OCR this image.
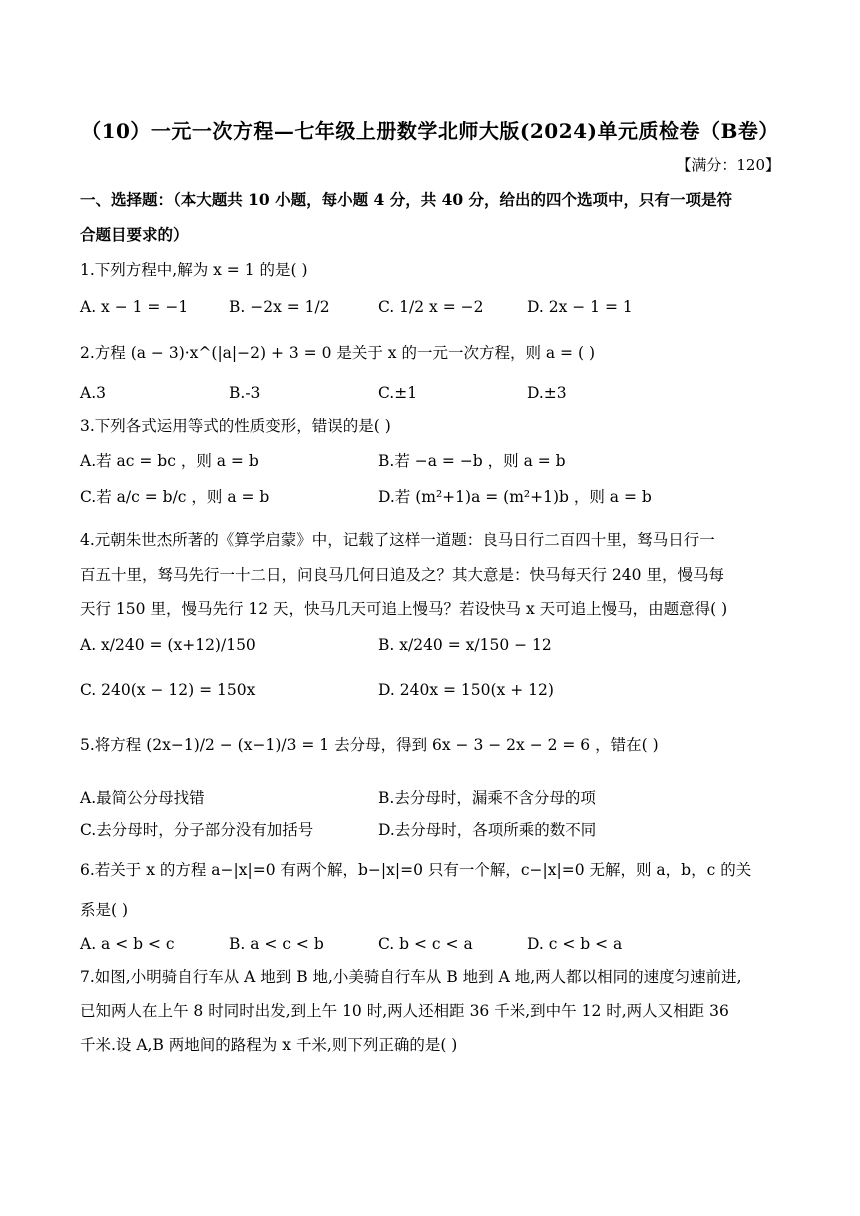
（10）一元一次方程—七年级上册数学北师大版(2024)单元质检卷（B卷）
【满分：120】
一、选择题：（本大题共 10 小题，每小题 4 分，共 40 分，给出的四个选项中，只有一项是符
合题目要求的）
1.下列方程中,解为 x = 1 的是( )
A. x − 1 = −1	B. −2x = 1/2	C. 1/2 x = −2	D. 2x − 1 = 1
2.方程 (a − 3)·x^(|a|−2) + 3 = 0 是关于 x 的一元一次方程，则 a = ( )
A.3	B.-3	C.±1	D.±3
3.下列各式运用等式的性质变形，错误的是( )
A.若 ac = bc ，则 a = b	B.若 −a = −b ，则 a = b
C.若 a/c = b/c ，则 a = b	D.若 (m²+1)a = (m²+1)b ，则 a = b
4.元朝朱世杰所著的《算学启蒙》中，记载了这样一道题：良马日行二百四十里，驽马日行一
百五十里，驽马先行一十二日，问良马几何日追及之？其大意是：快马每天行 240 里，慢马每
天行 150 里，慢马先行 12 天，快马几天可追上慢马？若设快马 x 天可追上慢马，由题意得( )
A. x/240 = (x+12)/150	B. x/240 = x/150 − 12
C. 240(x − 12) = 150x	D. 240x = 150(x + 12)
5.将方程 (2x−1)/2 − (x−1)/3 = 1 去分母，得到 6x − 3 − 2x − 2 = 6 ，错在( )
A.最简公分母找错	B.去分母时，漏乘不含分母的项
C.去分母时，分子部分没有加括号	D.去分母时，各项所乘的数不同
6.若关于 x 的方程 a−|x|=0 有两个解，b−|x|=0 只有一个解，c−|x|=0 无解，则 a，b，c 的关
系是( )
A. a < b < c	B. a < c < b	C. b < c < a	D. c < b < a
7.如图,小明骑自行车从 A 地到 B 地,小美骑自行车从 B 地到 A 地,两人都以相同的速度匀速前进,
已知两人在上午 8 时同时出发,到上午 10 时,两人还相距 36 千米,到中午 12 时,两人又相距 36
千米.设 A,B 两地间的路程为 x 千米,则下列正确的是( )
